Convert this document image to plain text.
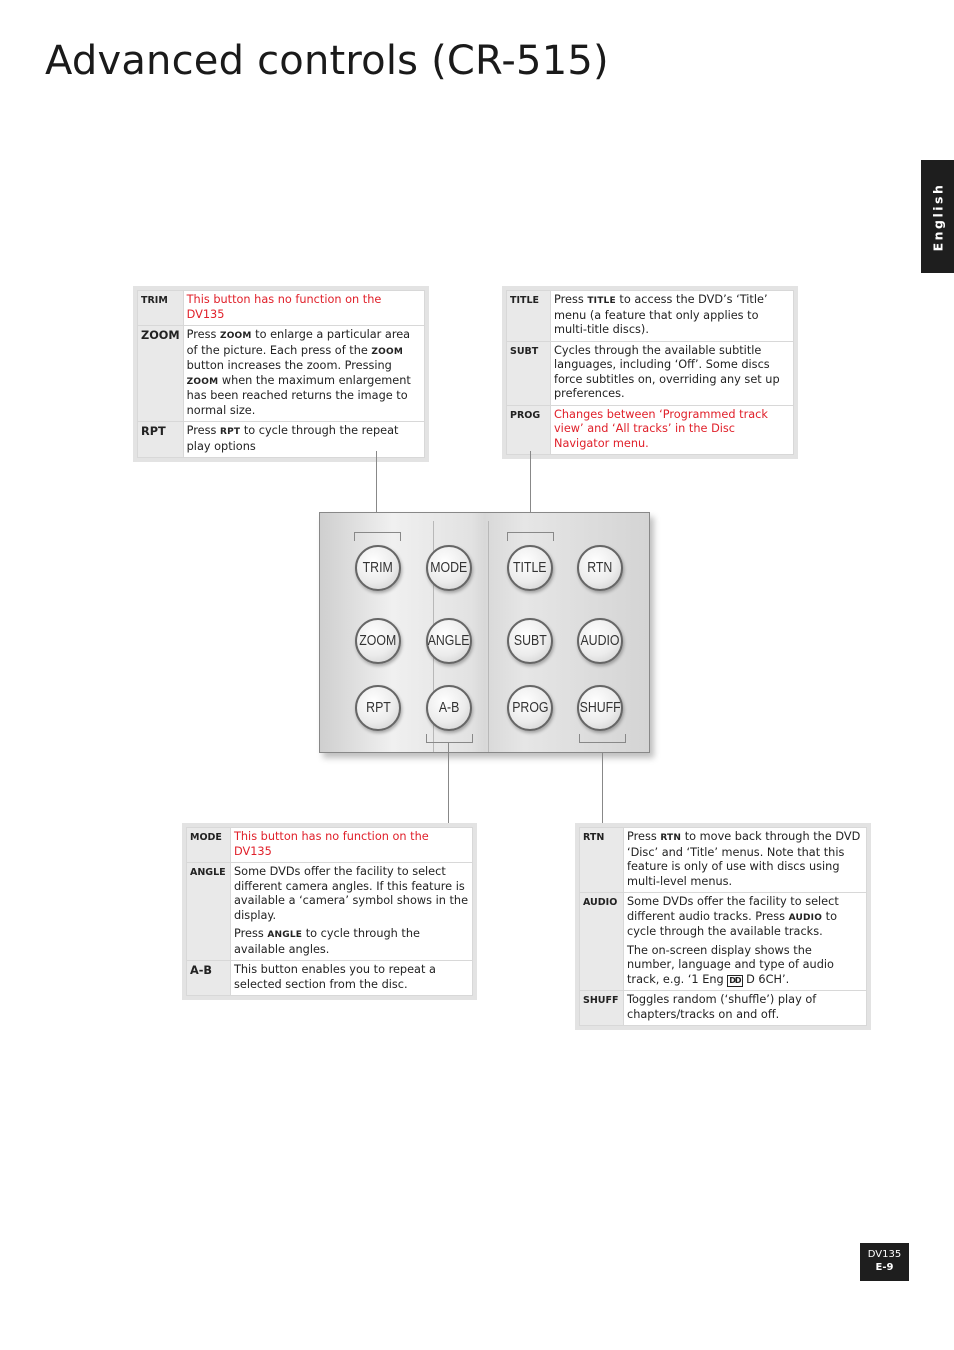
Advanced controls (CR-515)
English
TRIM	This button has no function on the DV135
ZOOM	Press ZOOM to enlarge a particular area of the picture. Each press of the ZOOM button increases the zoom. Pressing ZOOM when the maximum enlargement has been reached returns the image to normal size.
RPT	Press RPT to cycle through the repeat play options
TITLE	Press TITLE to access the DVD’s ‘Title’ menu (a feature that only applies to multi-title discs).
SUBT	Cycles through the available subtitle languages, including ‘Off’. Some discs force subtitles on, overriding any set up preferences.
PROG	Changes between ‘Programmed track view’ and ‘All tracks’ in the Disc Navigator menu.
TRIM	MODE	TITLE	RTN
ZOOM ANGLE	SUBT AUDIO
RPT	A-B	PROG SHUFF
MODE	This button has no function on the DV135
ANGLE	Some DVDs offer the facility to select different camera angles. If this feature is available a ‘camera’ symbol shows in the display.

Press ANGLE to cycle through the available angles.

A-B	This button enables you to repeat a selected section from the disc.
RTN	Press RTN to move back through the DVD ‘Disc’ and ‘Title’ menus. Note that this feature is only of use with discs using multi-level menus.
AUDIO	Some DVDs offer the facility to select different audio tracks. Press AUDIO to cycle through the available tracks.

The on-screen display shows the number, language and type of audio track, e.g. ‘1 Eng DD D 6CH’.

SHUFF	Toggles random (‘shuffle’) play of chapters/tracks on and off.
DV135
E-9
